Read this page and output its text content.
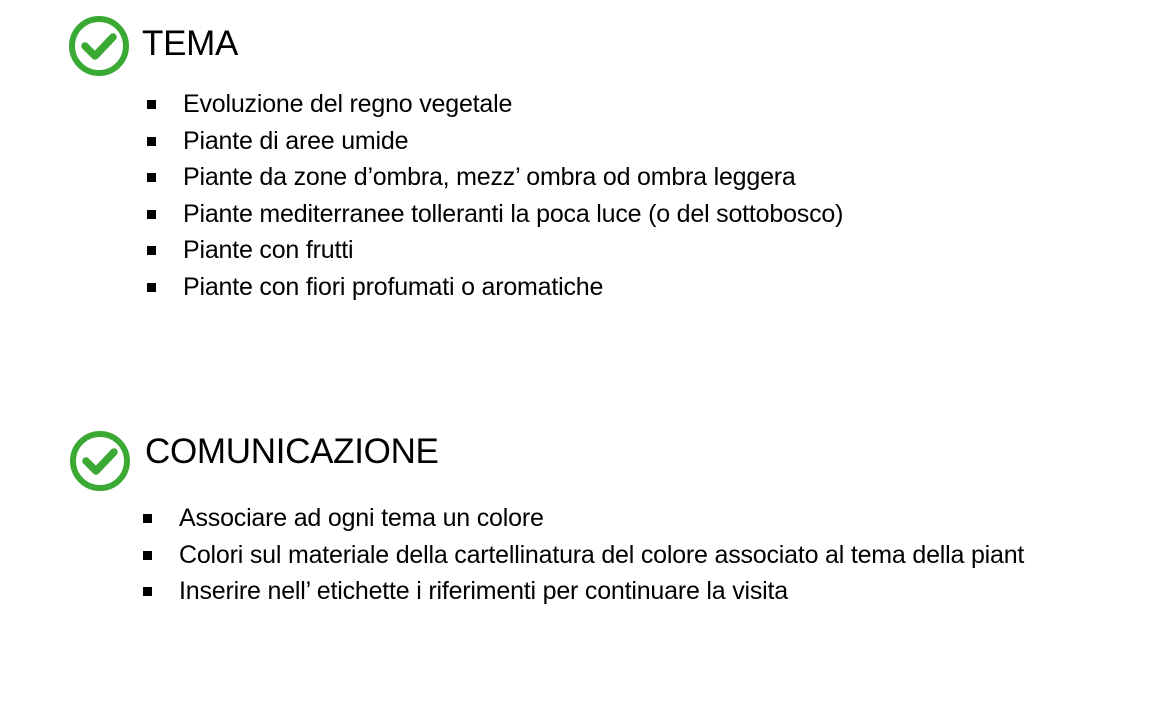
TEMA
Evoluzione del regno vegetale
Piante di aree umide
Piante da zone d’ombra, mezz’ ombra od ombra leggera
Piante mediterranee tolleranti la poca luce (o del sottobosco)
Piante con frutti
Piante con fiori profumati o aromatiche
COMUNICAZIONE
Associare ad ogni tema un colore
Colori sul materiale della cartellinatura del colore associato al tema della piant
Inserire nell’ etichette i riferimenti per continuare la visita
